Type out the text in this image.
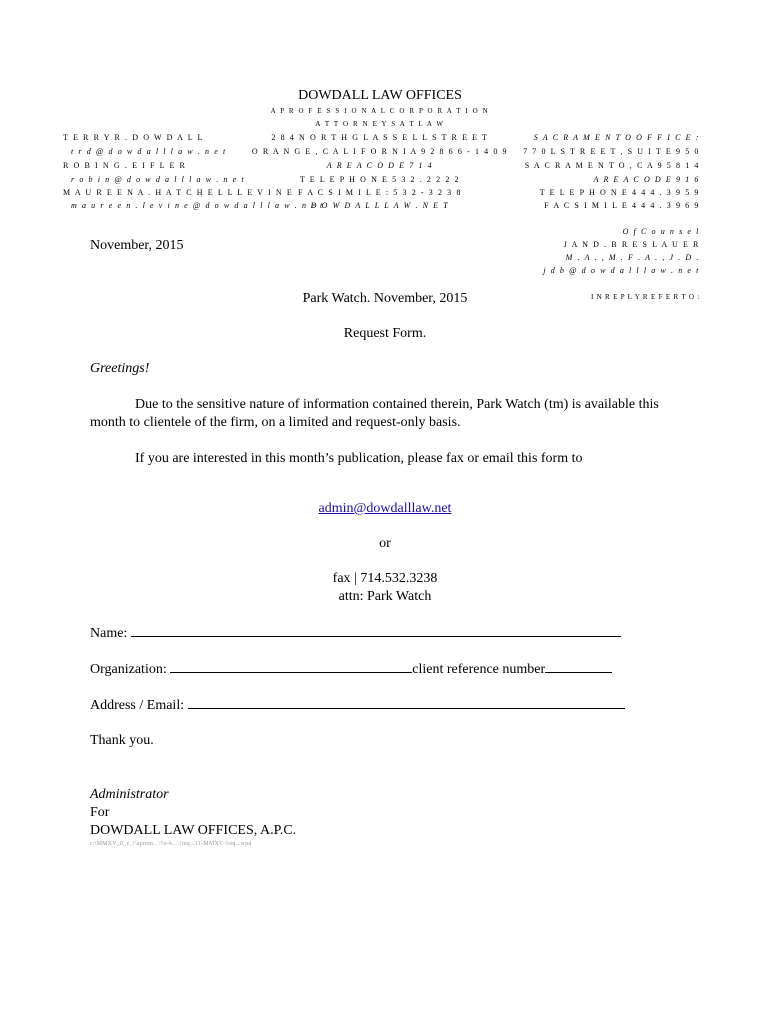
DOWDALL LAW OFFICES
A P R O F E S S I O N A L C O R P O R A T I O N
A T T O R N E Y S A T L A W
2 8 4 N O R T H G L A S S E L L S T R E E T
O R A N G E , C A L I F O R N I A 9 2 8 6 6 - 1 4 0 9
A R E A C O D E 7 1 4
T E L E P H O N E 5 3 2 . 2 2 2 2
F A C S I M I L E : 5 3 2 - 3 2 3 8
D O W D A L L L A W . N E T
T E R R Y R . D O W D A L L
t r d @ d o w d a l l l a w . n e t
R O B I N G . E I F L E R
r o b i n @ d o w d a l l l a w . n e t
M A U R E E N A . H A T C H E L L L E V I N E
m a u r e e n . l e v i n e @ d o w d a l l l a w . n e t
S A C R A M E N T O O F F I C E :
7 7 0 L S T R E E T , S U I T E 9 5 0
S A C R A M E N T O , C A 9 5 8 1 4
A R E A C O D E 9 1 6
T E L E P H O N E 4 4 4 . 3 9 5 9
F A C S I M I L E 4 4 4 . 3 9 6 9
O f C o u n s e l
J A N D . B R E S L A U E R
M . A . , M . F . A . , J . D .
j d b @ d o w d a l l l a w . n e t
November, 2015
I N R E P L Y R E F E R T O :
Park Watch. November, 2015
Request Form.
Greetings!
Due to the sensitive nature of information contained therein, Park Watch (tm) is available this month to clientele of the firm, on a limited and request-only basis.
If you are interested in this month’s publication, please fax or email this form to
admin@dowdalllaw.net
or
fax | 714.532.3238
attn: Park Watch
Name:
Organization:	client reference number
Address / Email:
Thank you.
Administrator
For
DOWDALL LAW OFFICES, A.P.C.
c:\MMXV_0_v_!\aprom...\!\e-b...\!req...11-MMXV-!req...wpd
